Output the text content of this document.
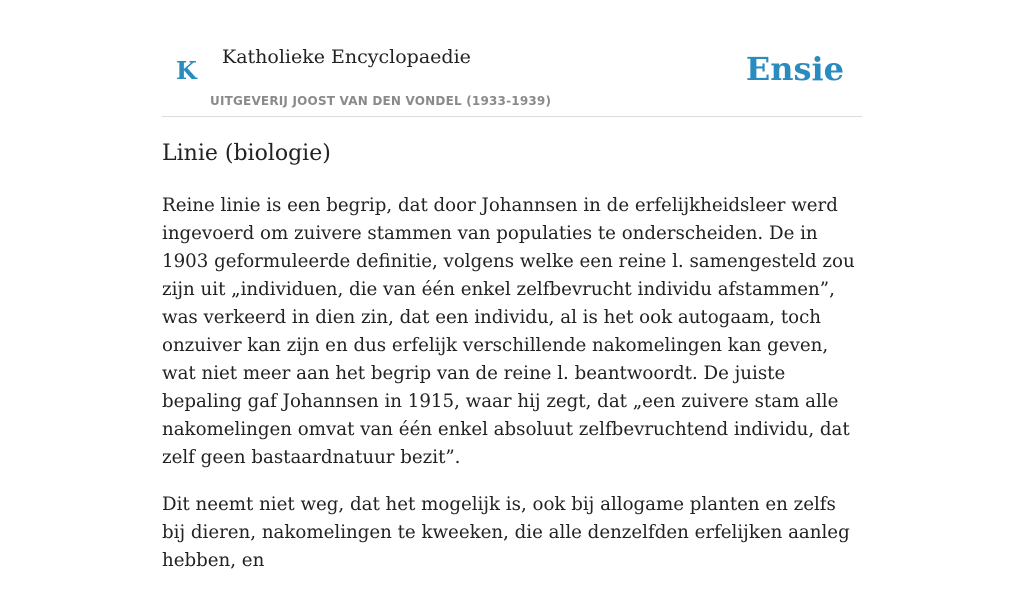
K Katholieke Encyclopaedie
UITGEVERIJ JOOST VAN DEN VONDEL (1933-1939)
Ensie
Linie (biologie)

Reine linie is een begrip, dat door Johannsen in de erfelijkheidsleer werd ingevoerd om zuivere stammen van populaties te onderscheiden. De in 1903 geformuleerde definitie, volgens welke een reine l. samengesteld zou zijn uit „individuen, die van één enkel zelfbevrucht individu afstammen”, was verkeerd in dien zin, dat een individu, al is het ook autogaam, toch onzuiver kan zijn en dus erfelijk verschillende nakomelingen kan geven, wat niet meer aan het begrip van de reine l. beantwoordt. De juiste bepaling gaf Johannsen in 1915, waar hij zegt, dat „een zuivere stam alle nakomelingen omvat van één enkel absoluut zelfbevruchtend individu, dat zelf geen bastaardnatuur bezit”.

Dit neemt niet weg, dat het mogelijk is, ook bij allogame planten en zelfs bij dieren, nakomelingen te kweeken, die alle denzelfden erfelijken aanleg hebben, en
